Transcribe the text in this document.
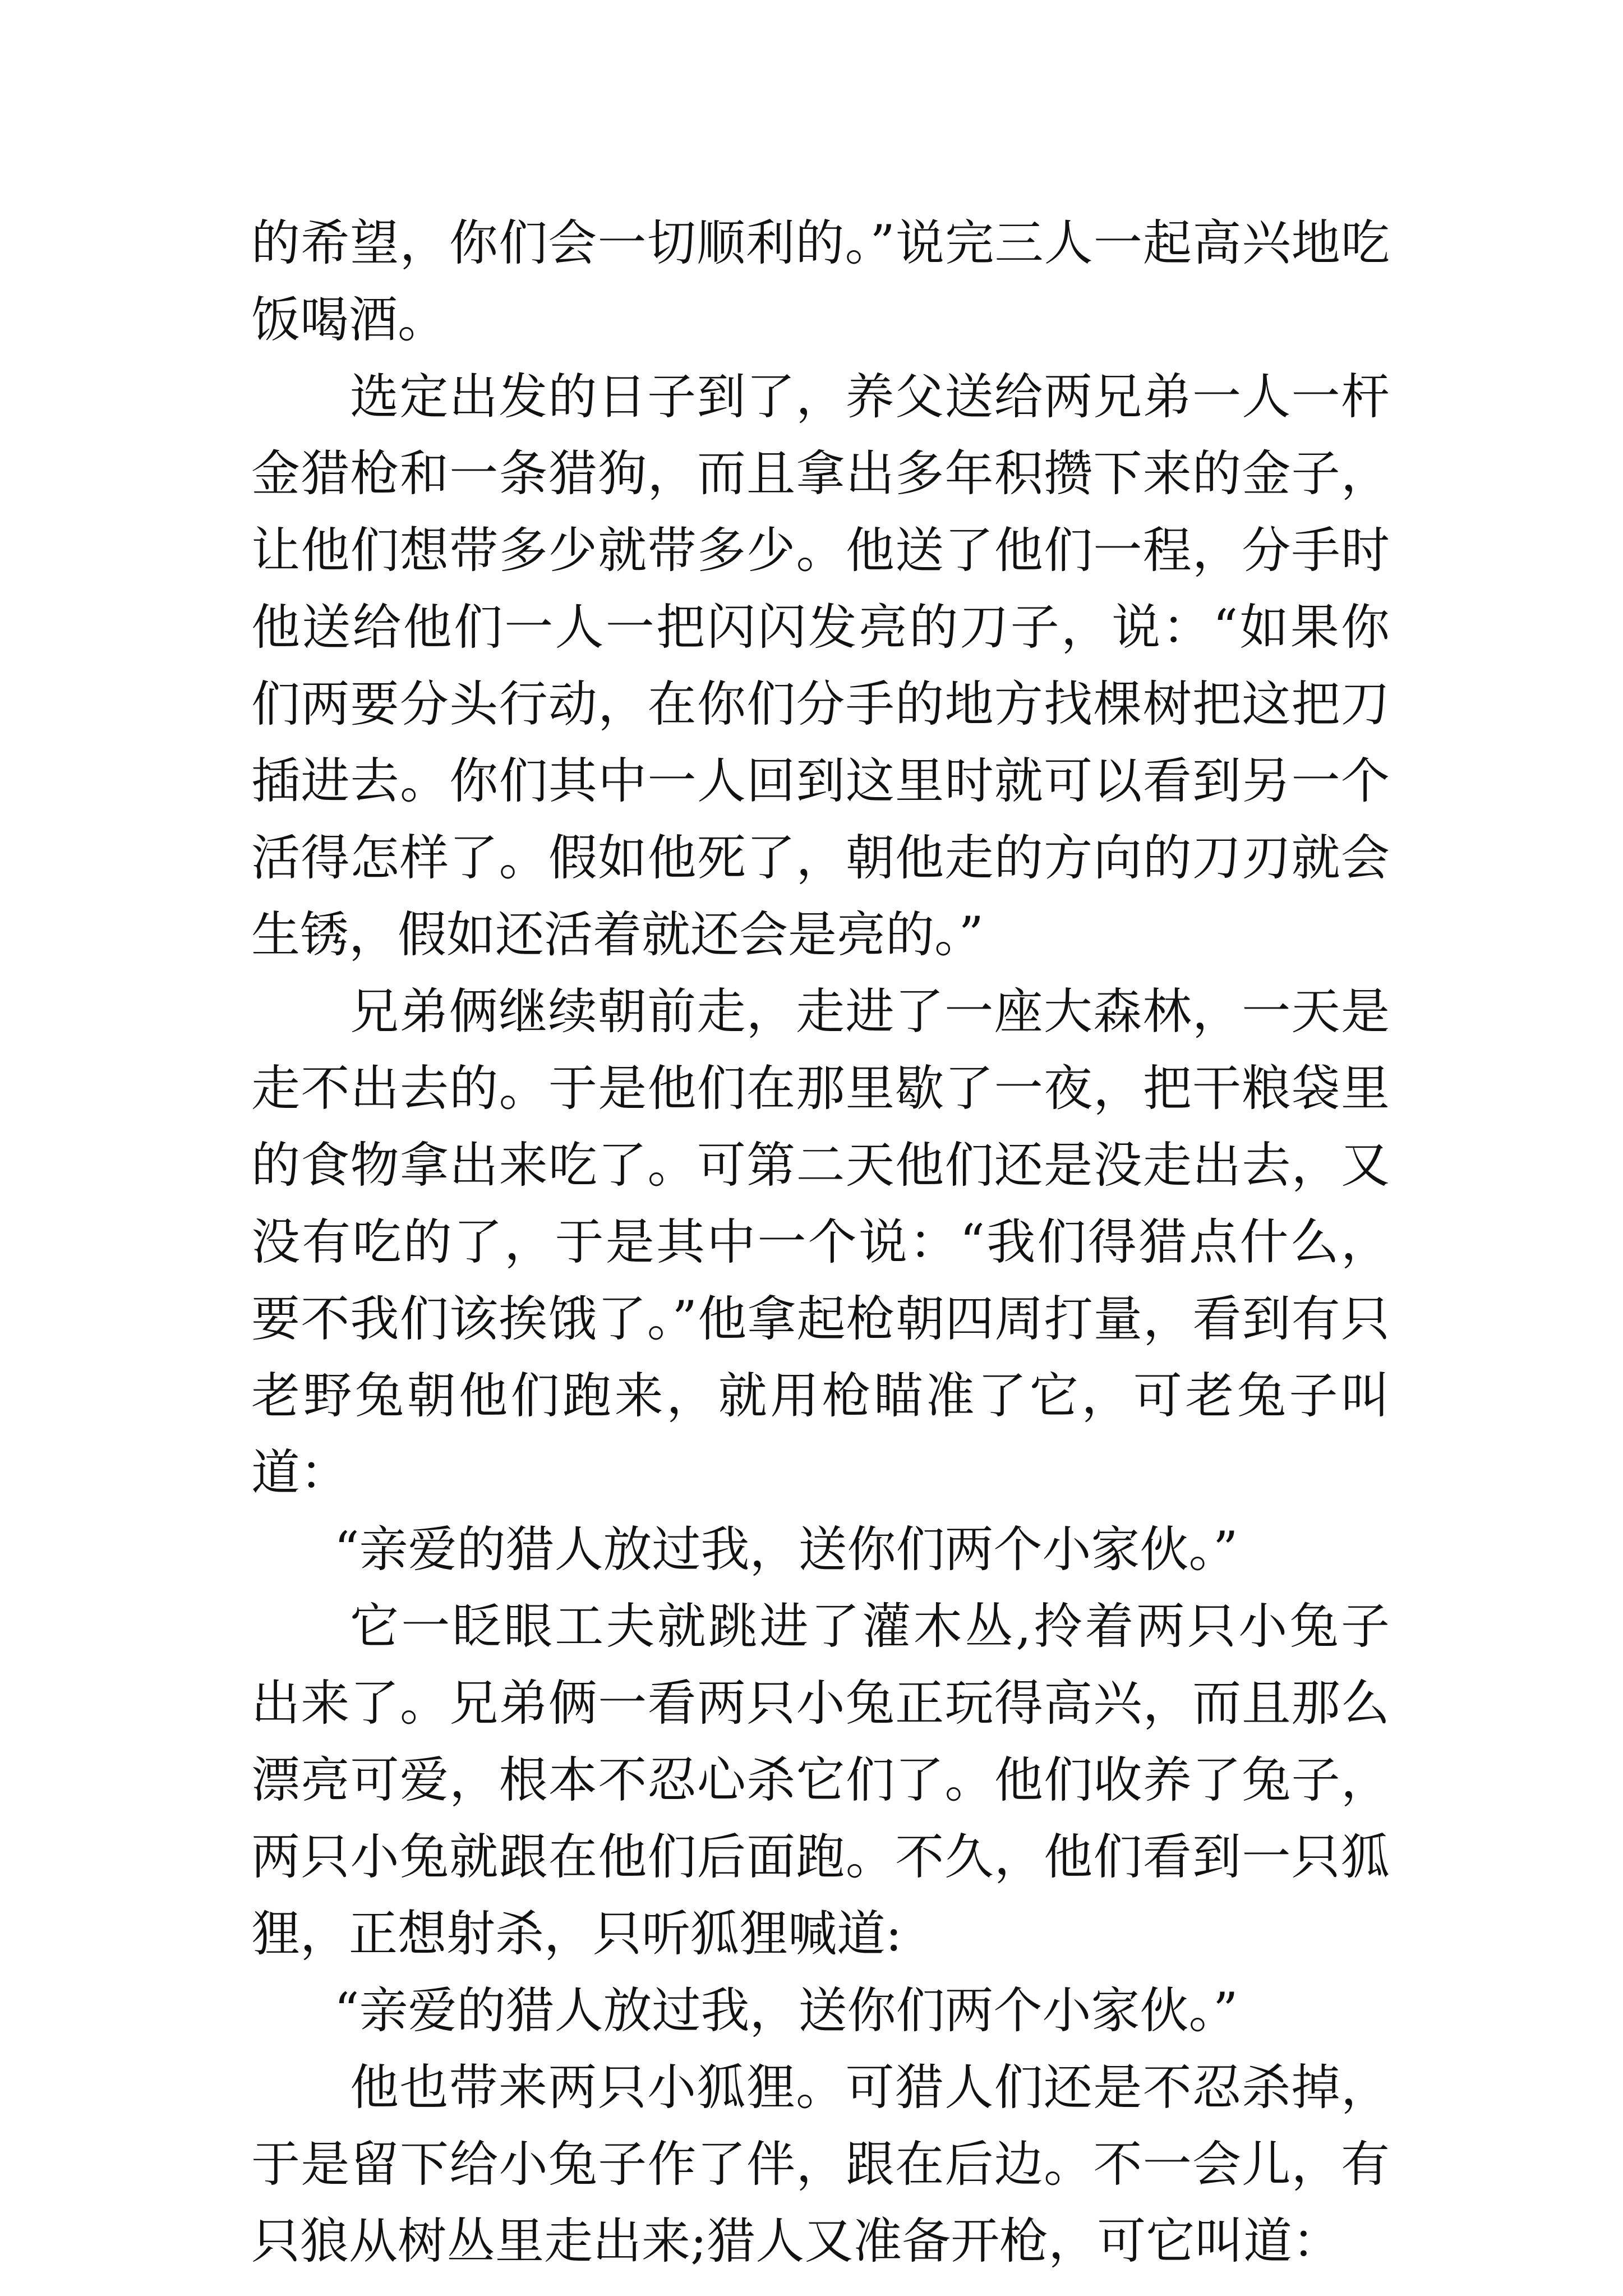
的希望，你们会一切顺利的。”说完三人一起高兴地吃饭喝酒。

选定出发的日子到了，养父送给两兄弟一人一杆金猎枪和一条猎狗，而且拿出多年积攒下来的金子，让他们想带多少就带多少。他送了他们一程，分手时他送给他们一人一把闪闪发亮的刀子，说：“如果你们两要分头行动，在你们分手的地方找棵树把这把刀插进去。你们其中一人回到这里时就可以看到另一个活得怎样了。假如他死了，朝他走的方向的刀刃就会生锈，假如还活着就还会是亮的。”

兄弟俩继续朝前走，走进了一座大森林，一天是走不出去的。于是他们在那里歇了一夜，把干粮袋里的食物拿出来吃了。可第二天他们还是没走出去，又没有吃的了，于是其中一个说：“我们得猎点什么，要不我们该挨饿了。”他拿起枪朝四周打量，看到有只老野兔朝他们跑来，就用枪瞄准了它，可老兔子叫道：

“亲爱的猎人放过我，送你们两个小家伙。”

它一眨眼工夫就跳进了灌木丛,拎着两只小兔子出来了。兄弟俩一看两只小兔正玩得高兴，而且那么漂亮可爱，根本不忍心杀它们了。他们收养了兔子，两只小兔就跟在他们后面跑。不久，他们看到一只狐狸，正想射杀，只听狐狸喊道:

“亲爱的猎人放过我，送你们两个小家伙。”

他也带来两只小狐狸。可猎人们还是不忍杀掉，于是留下给小兔子作了伴，跟在后边。不一会儿，有只狼从树丛里走出来;猎人又准备开枪，可它叫道：
